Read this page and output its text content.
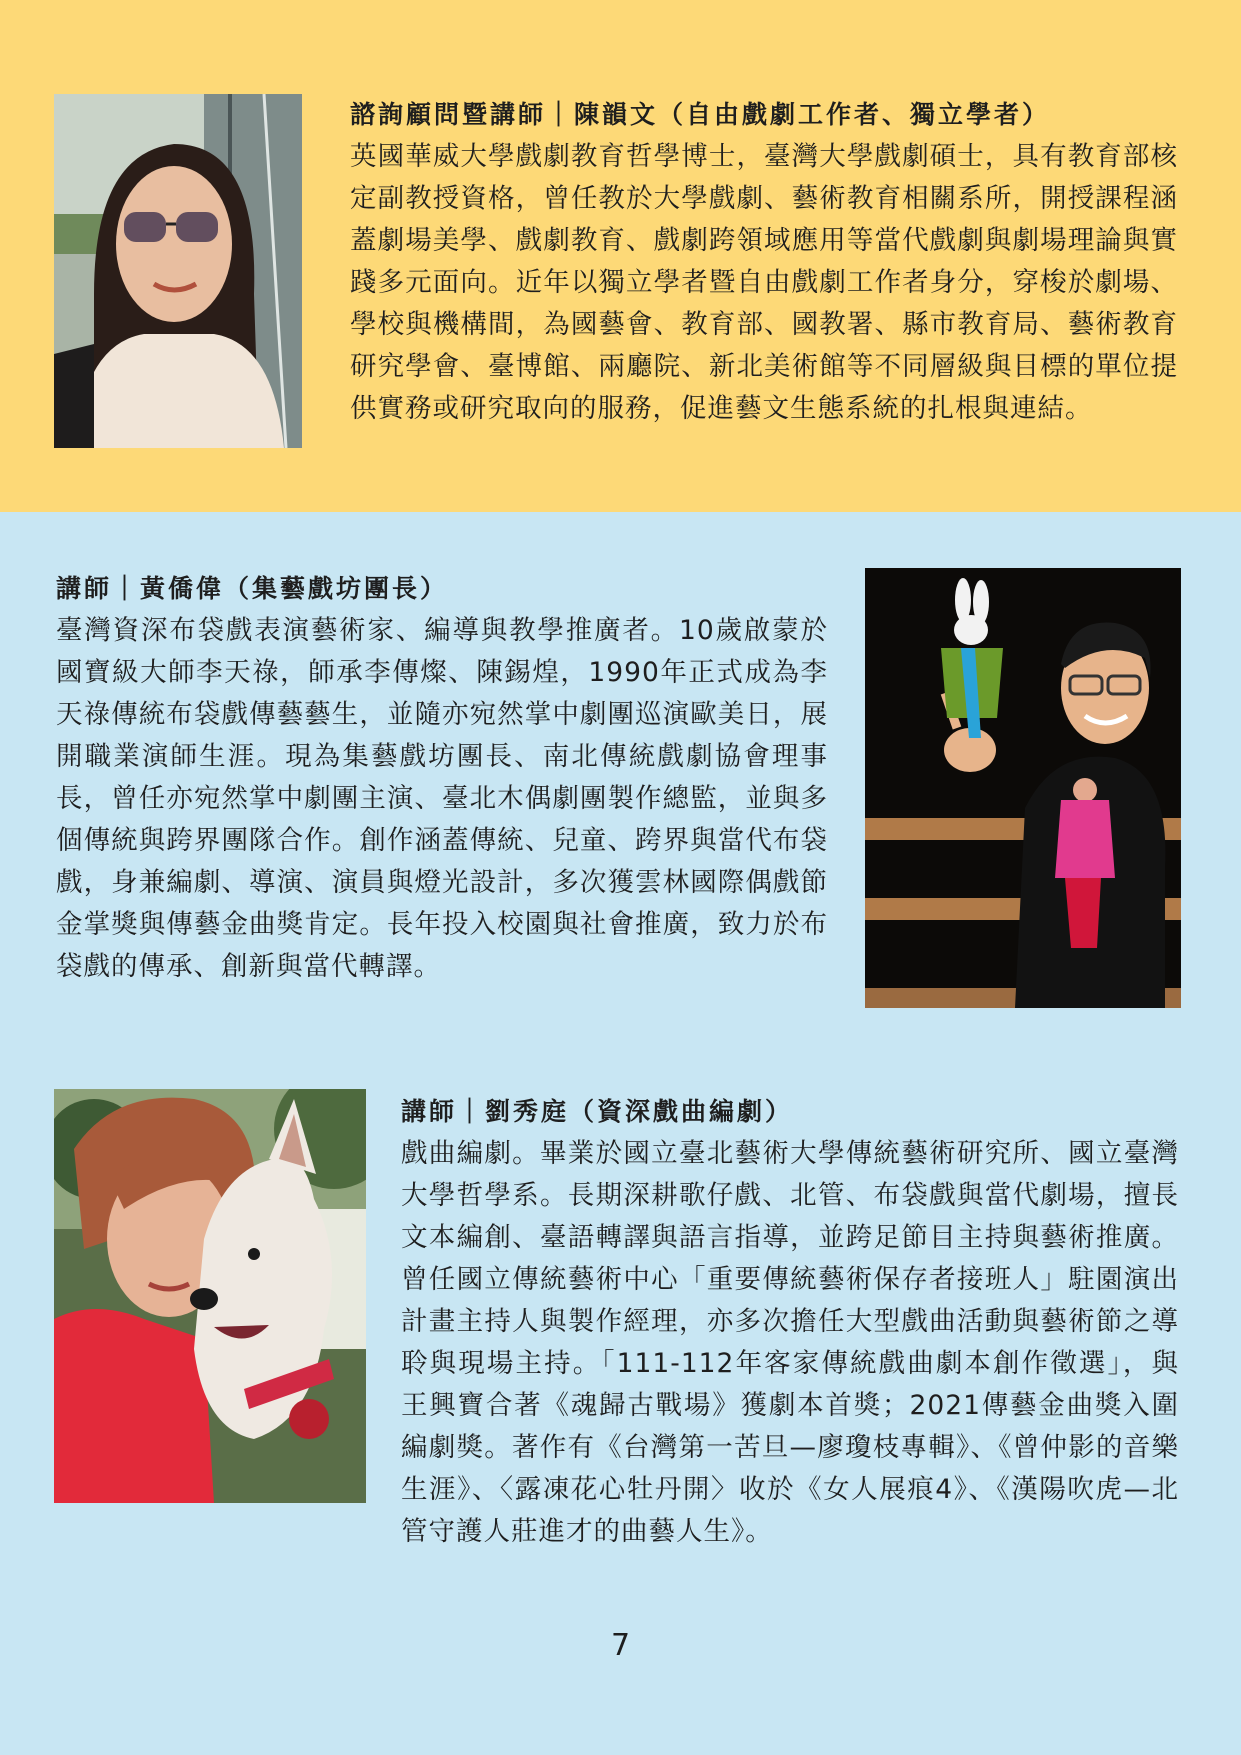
諮詢顧問暨講師｜陳韻文（自由戲劇工作者、獨立學者）
英國華威大學戲劇教育哲學博士，臺灣大學戲劇碩士，具有教育部核定副教授資格，曾任教於大學戲劇、藝術教育相關系所，開授課程涵蓋劇場美學、戲劇教育、戲劇跨領域應用等當代戲劇與劇場理論與實踐多元面向。近年以獨立學者暨自由戲劇工作者身分，穿梭於劇場、學校與機構間，為國藝會、教育部、國教署、縣市教育局、藝術教育研究學會、臺博館、兩廳院、新北美術館等不同層級與目標的單位提供實務或研究取向的服務，促進藝文生態系統的扎根與連結。
講師｜黃僑偉（集藝戲坊團長）
臺灣資深布袋戲表演藝術家、編導與教學推廣者。10歲啟蒙於國寶級大師李天祿，師承李傳燦、陳錫煌，1990年正式成為李天祿傳統布袋戲傳藝藝生，並隨亦宛然掌中劇團巡演歐美日，展開職業演師生涯。現為集藝戲坊團長、南北傳統戲劇協會理事長，曾任亦宛然掌中劇團主演、臺北木偶劇團製作總監，並與多個傳統與跨界團隊合作。創作涵蓋傳統、兒童、跨界與當代布袋戲，身兼編劇、導演、演員與燈光設計，多次獲雲林國際偶戲節金掌獎與傳藝金曲獎肯定。長年投入校園與社會推廣，致力於布袋戲的傳承、創新與當代轉譯。
講師｜劉秀庭（資深戲曲編劇）
戲曲編劇。畢業於國立臺北藝術大學傳統藝術研究所、國立臺灣大學哲學系。長期深耕歌仔戲、北管、布袋戲與當代劇場，擅長文本編創、臺語轉譯與語言指導，並跨足節目主持與藝術推廣。曾任國立傳統藝術中心「重要傳統藝術保存者接班人」駐園演出計畫主持人與製作經理，亦多次擔任大型戲曲活動與藝術節之導聆與現場主持。「111-112年客家傳統戲曲劇本創作徵選」，與王興寶合著《魂歸古戰場》獲劇本首獎；2021傳藝金曲獎入圍編劇獎。著作有《台灣第一苦旦—廖瓊枝專輯》、《曾仲影的音樂生涯》、〈露凍花心牡丹開〉收於《女人展痕4》、《漢陽吹虎—北管守護人莊進才的曲藝人生》。
7
